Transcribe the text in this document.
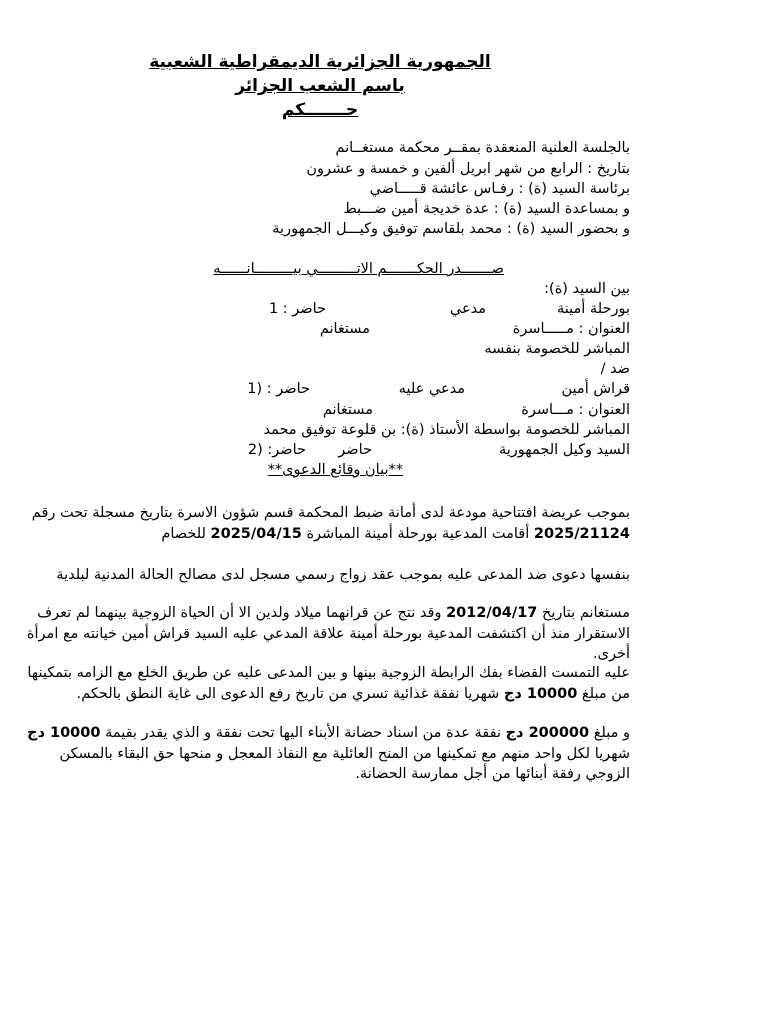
الجمهورية الجزائرية الديمقراطية الشعبية
باسم الشعب الجزائر
حـــــــكم
بالجلسة العلنية المنعقدة بمقــر محكمة مستغــانم
بتاريخ : الرابع من شهر ابريل ألفين و خمسة و عشرون
برئاسة السيد (ة) : رفـاس عائشة قـــــاضي
و بمساعدة السيد (ة) : عدة خديجة أمين ضـــبط
و بحضور السيد (ة) : محمد بلقاسم توفيق وكيـــل الجمهورية
صـــــــدر الحكـــــــم الاتـــــــــي بيـــــــــانــــــه
بين السيد (ة):
بورحلة أمينة
مدعي
حاضر : 1
العنوان : مـــــاسرة
مستغانم
المباشر للخصومة بنفسه
ضد /
قراش أمين
مدعي عليه
حاضر : (1
العنوان : مـــاسرة
مستغانم
المباشر للخصومة بواسطة الأستاذ (ة): بن قلوعة توفيق محمد
السيد وكيل الجمهورية
حاضر
حاضر: (2
**بيان وقائع الدعوى**
بموجب عريضة افتتاحية مودعة لدى أمانة ضبط المحكمة قسم شؤون الاسرة بتاريخ مسجلة تحت رقم 2025/21124 أقامت المدعية بورحلة أمينة المباشرة 2025/04/15 للخصام
بنفسها دعوى ضد المدعى عليه بموجب عقد زواج رسمي مسجل لدى مصالح الحالة المدنية لبلدية
مستغانم بتاريخ 2012/04/17 وقد نتج عن قرانهما ميلاد ولدين الا أن الحياة الزوجية بينهما لم تعرف الاستقرار منذ أن اكتشفت المدعية بورحلة أمينة علاقة المدعي عليه السيد قراش أمين خيانته مع امرأة أخرى.
عليه التمست القضاء بفك الرابطة الزوجية بينها و بين المدعى عليه عن طريق الخلع مع الزامه بتمكينها من مبلغ 10000 دج شهريا نفقة غذائية تسري من تاريخ رفع الدعوى الى غاية النطق بالحكم.
و مبلغ 200000 دج نفقة عدة من اسناد حضانة الأبناء اليها تحت نفقة و الذي يقدر بقيمة 10000 دج شهريا لكل واحد منهم مع تمكينها من المنح العائلية مع النفاذ المعجل و منحها حق البقاء بالمسكن الزوجي رفقة أبنائها من أجل ممارسة الحضانة.
